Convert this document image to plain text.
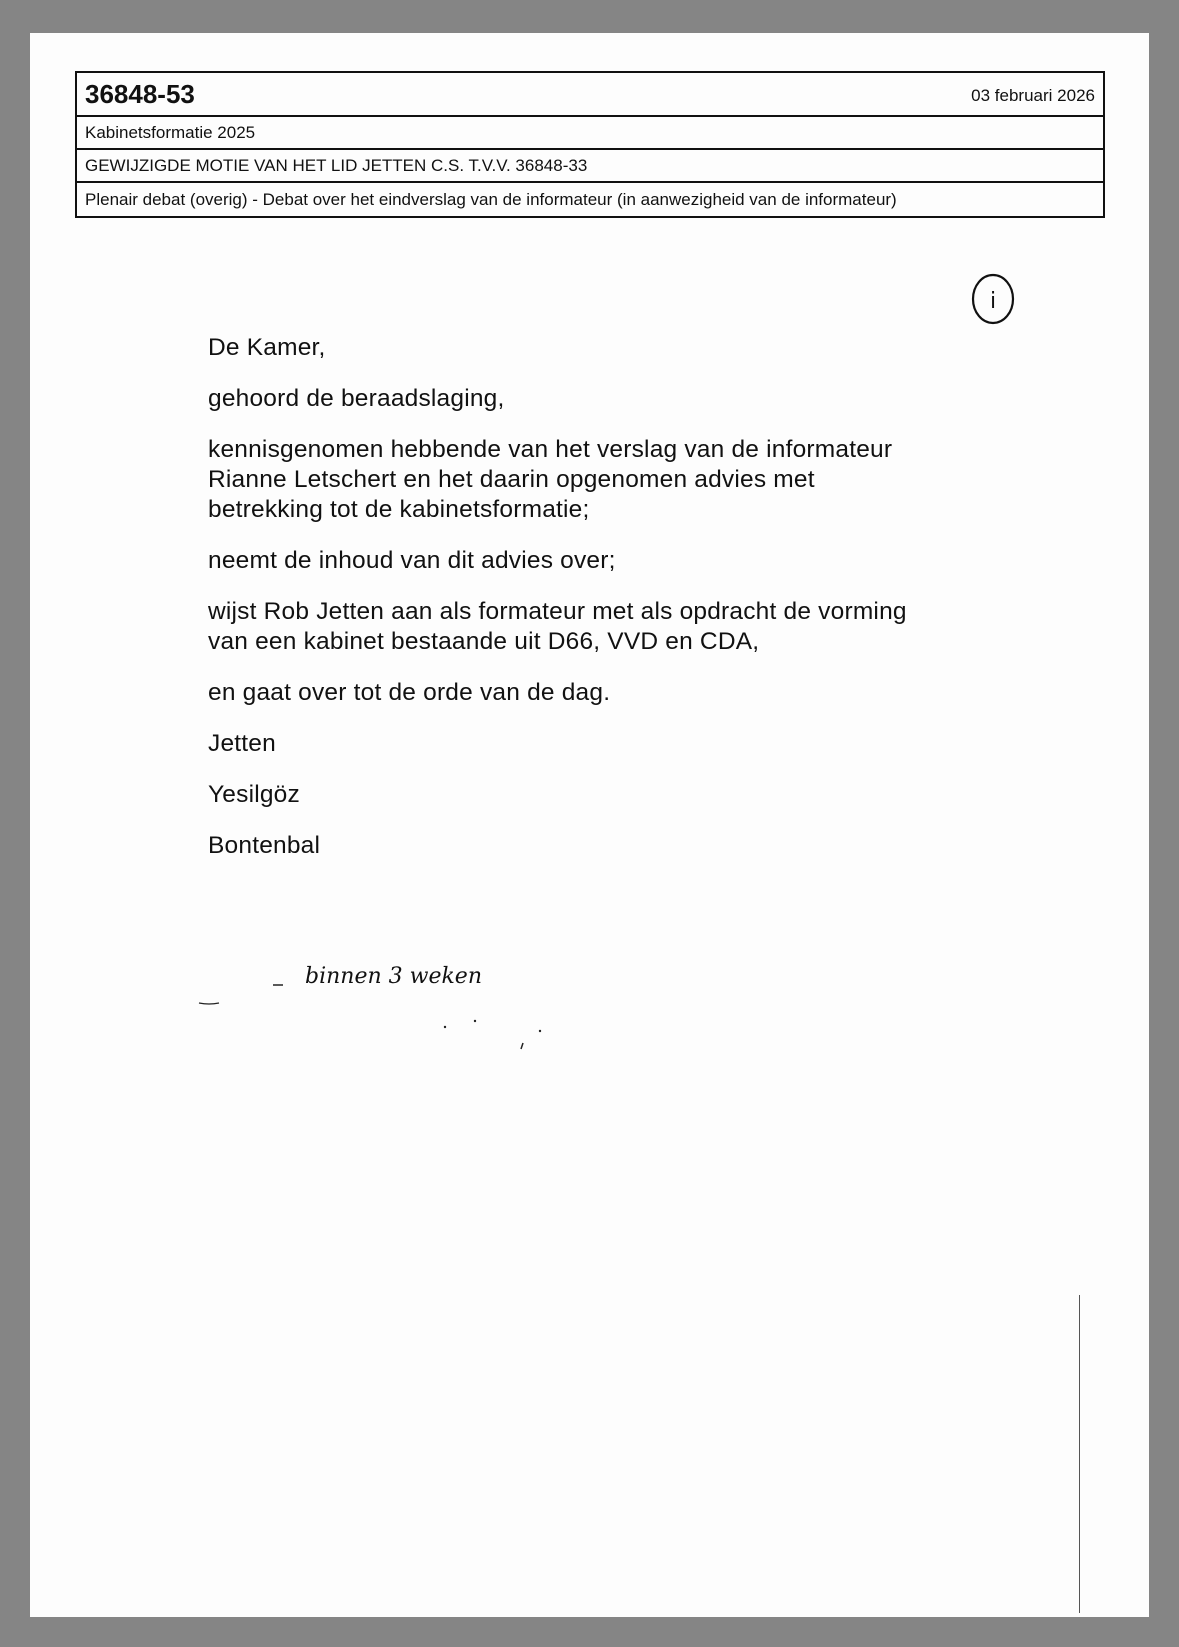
36848-53	03 februari 2026
Kabinetsformatie 2025
GEWIJZIGDE MOTIE VAN HET LID JETTEN C.S. T.V.V. 36848-33
Plenair debat (overig) - Debat over het eindverslag van de informateur (in aanwezigheid van de informateur)
i

De Kamer,

gehoord de beraadslaging,

kennisgenomen hebbende van het verslag van de informateur
Rianne Letschert en het daarin opgenomen advies met
betrekking tot de kabinetsformatie;

neemt de inhoud van dit advies over;

wijst Rob Jetten aan als formateur met als opdracht de vorming
van een kabinet bestaande uit D66, VVD en CDA,

en gaat over tot de orde van de dag.

Jetten

Yesilgöz

Bontenbal

binnen 3 weken
